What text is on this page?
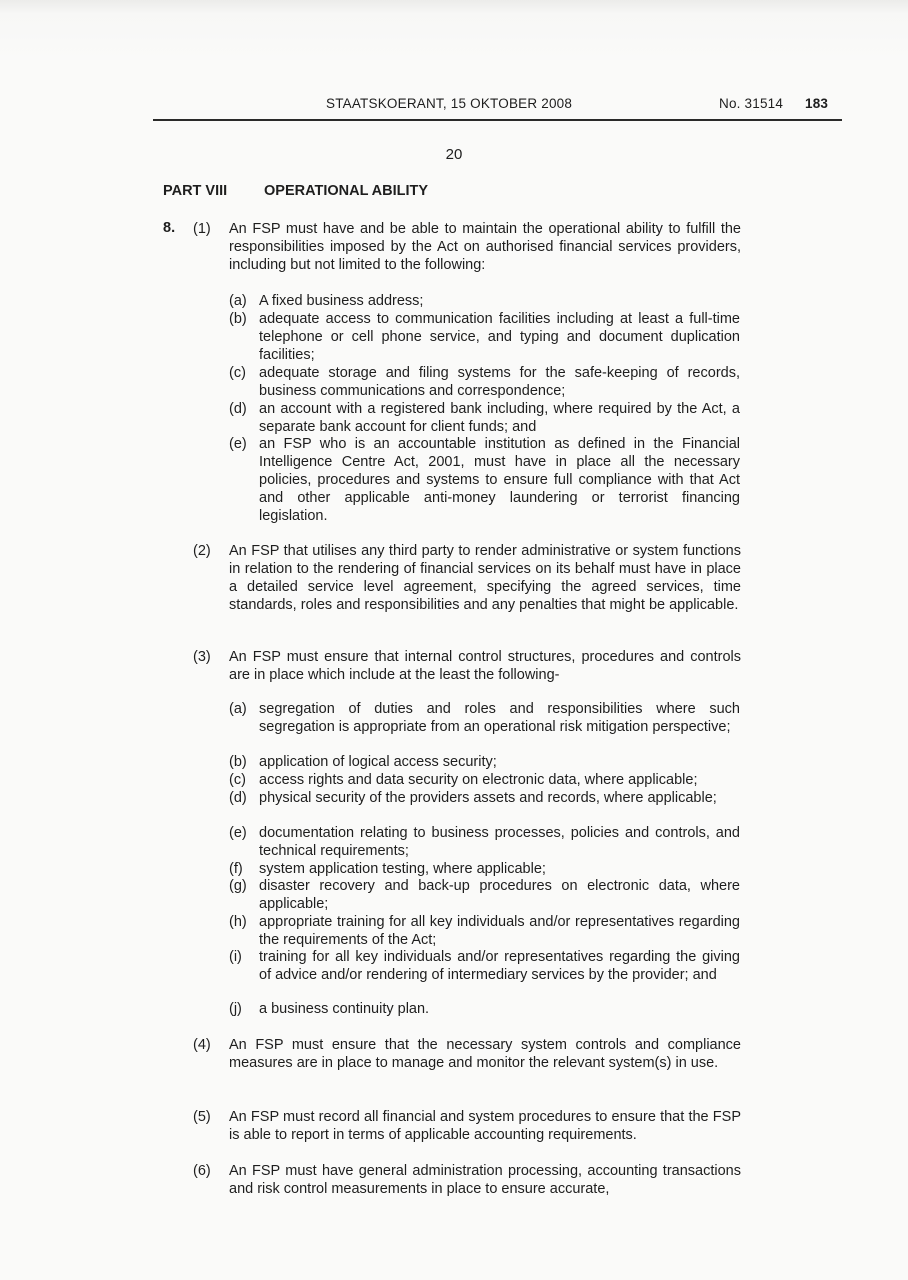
STAATSKOERANT, 15 OKTOBER 2008	No. 31514 183
20
PART VIII	OPERATIONAL ABILITY
8. (1) An FSP must have and be able to maintain the operational ability to fulfill the responsibilities imposed by the Act on authorised financial services providers, including but not limited to the following:
(a) A fixed business address;
(b) adequate access to communication facilities including at least a full-time telephone or cell phone service, and typing and document duplication facilities;
(c) adequate storage and filing systems for the safe-keeping of records, business communications and correspondence;
(d) an account with a registered bank including, where required by the Act, a separate bank account for client funds; and
(e) an FSP who is an accountable institution as defined in the Financial Intelligence Centre Act, 2001, must have in place all the necessary policies, procedures and systems to ensure full compliance with that Act and other applicable anti-money laundering or terrorist financing legislation.
(2) An FSP that utilises any third party to render administrative or system functions in relation to the rendering of financial services on its behalf must have in place a detailed service level agreement, specifying the agreed services, time standards, roles and responsibilities and any penalties that might be applicable.
(3) An FSP must ensure that internal control structures, procedures and controls are in place which include at the least the following-
(a) segregation of duties and roles and responsibilities where such segregation is appropriate from an operational risk mitigation perspective;
(b) application of logical access security;
(c) access rights and data security on electronic data, where applicable;
(d) physical security of the providers assets and records, where applicable;
(e) documentation relating to business processes, policies and controls, and technical requirements;
(f) system application testing, where applicable;
(g) disaster recovery and back-up procedures on electronic data, where applicable;
(h) appropriate training for all key individuals and/or representatives regarding the requirements of the Act;
(i) training for all key individuals and/or representatives regarding the giving of advice and/or rendering of intermediary services by the provider; and
(j) a business continuity plan.
(4) An FSP must ensure that the necessary system controls and compliance measures are in place to manage and monitor the relevant system(s) in use.
(5) An FSP must record all financial and system procedures to ensure that the FSP is able to report in terms of applicable accounting requirements.
(6) An FSP must have general administration processing, accounting transactions and risk control measurements in place to ensure accurate,
